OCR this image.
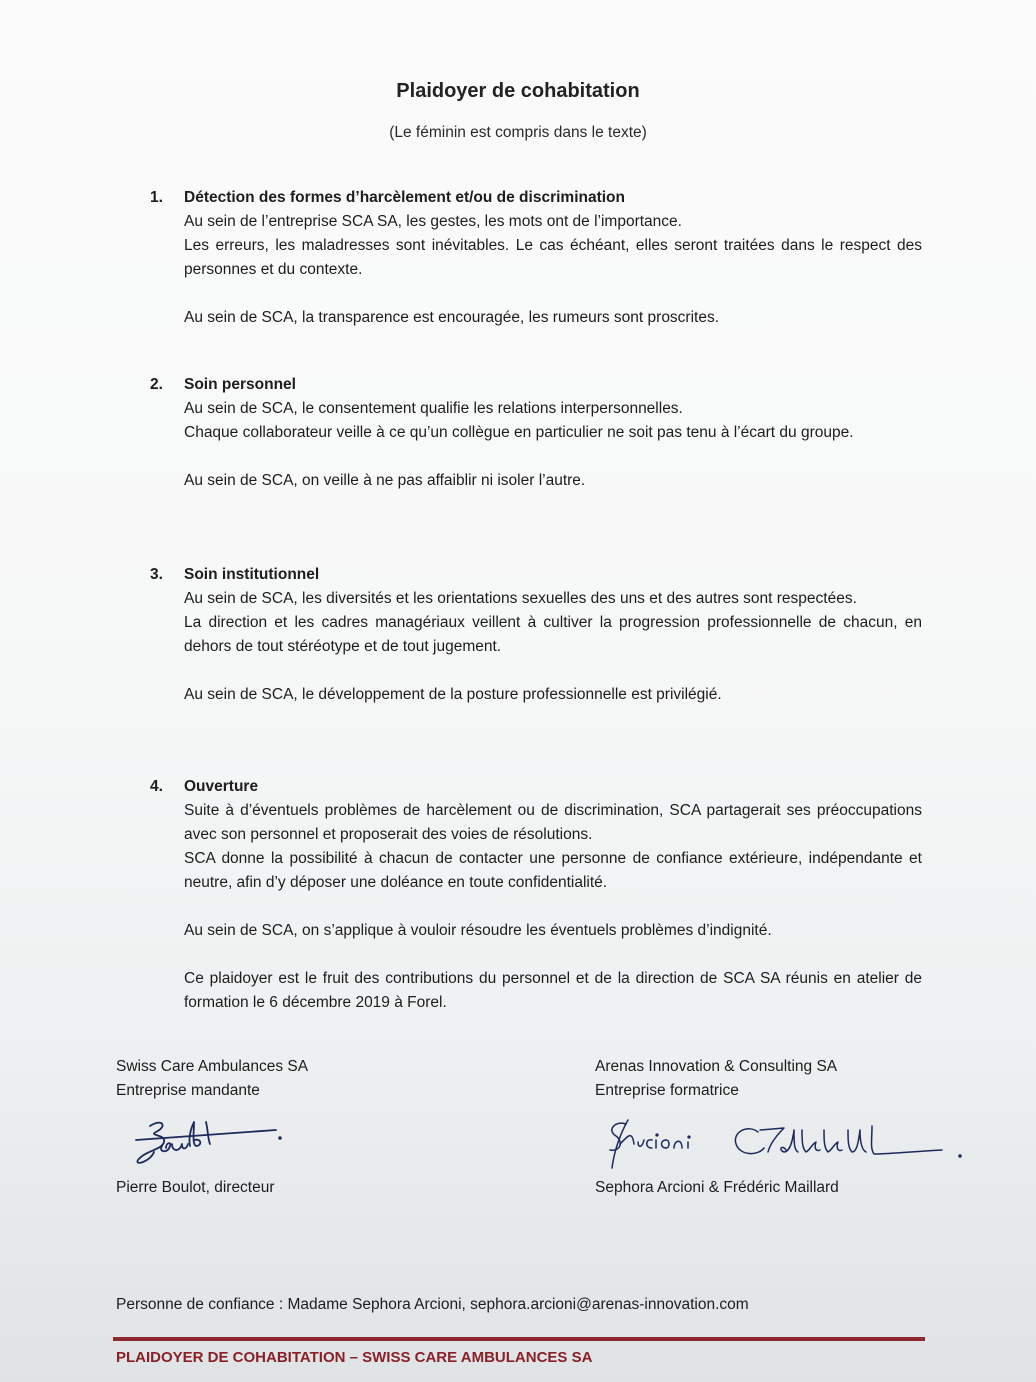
Plaidoyer de cohabitation
(Le féminin est compris dans le texte)
1.	Détection des formes d’harcèlement et/ou de discrimination

Au sein de l’entreprise SCA SA, les gestes, les mots ont de l’importance.

Les erreurs, les maladresses sont inévitables. Le cas échéant, elles seront traitées dans le respect des personnes et du contexte.

Au sein de SCA, la transparence est encouragée, les rumeurs sont proscrites.

2.	Soin personnel

Au sein de SCA, le consentement qualifie les relations interpersonnelles.

Chaque collaborateur veille à ce qu’un collègue en particulier ne soit pas tenu à l’écart du groupe.

Au sein de SCA, on veille à ne pas affaiblir ni isoler l’autre.

3.	Soin institutionnel

Au sein de SCA, les diversités et les orientations sexuelles des uns et des autres sont respectées.

La direction et les cadres managériaux veillent à cultiver la progression professionnelle de chacun, en dehors de tout stéréotype et de tout jugement.

Au sein de SCA, le développement de la posture professionnelle est privilégié.

4.	Ouverture

Suite à d’éventuels problèmes de harcèlement ou de discrimination, SCA partagerait ses préoccupations avec son personnel et proposerait des voies de résolutions.

SCA donne la possibilité à chacun de contacter une personne de confiance extérieure, indépendante et neutre, afin d’y déposer une doléance en toute confidentialité.

Au sein de SCA, on s’applique à vouloir résoudre les éventuels problèmes d’indignité.

Ce plaidoyer est le fruit des contributions du personnel et de la direction de SCA SA réunis en atelier de formation le 6 décembre 2019 à Forel.

Swiss Care Ambulances SA
Entreprise mandante
Pierre Boulot, directeur
Arenas Innovation & Consulting SA
Entreprise formatrice
Sephora Arcioni & Frédéric Maillard
Personne de confiance : Madame Sephora Arcioni, sephora.arcioni@arenas-innovation.com
PLAIDOYER DE COHABITATION – SWISS CARE AMBULANCES SA
